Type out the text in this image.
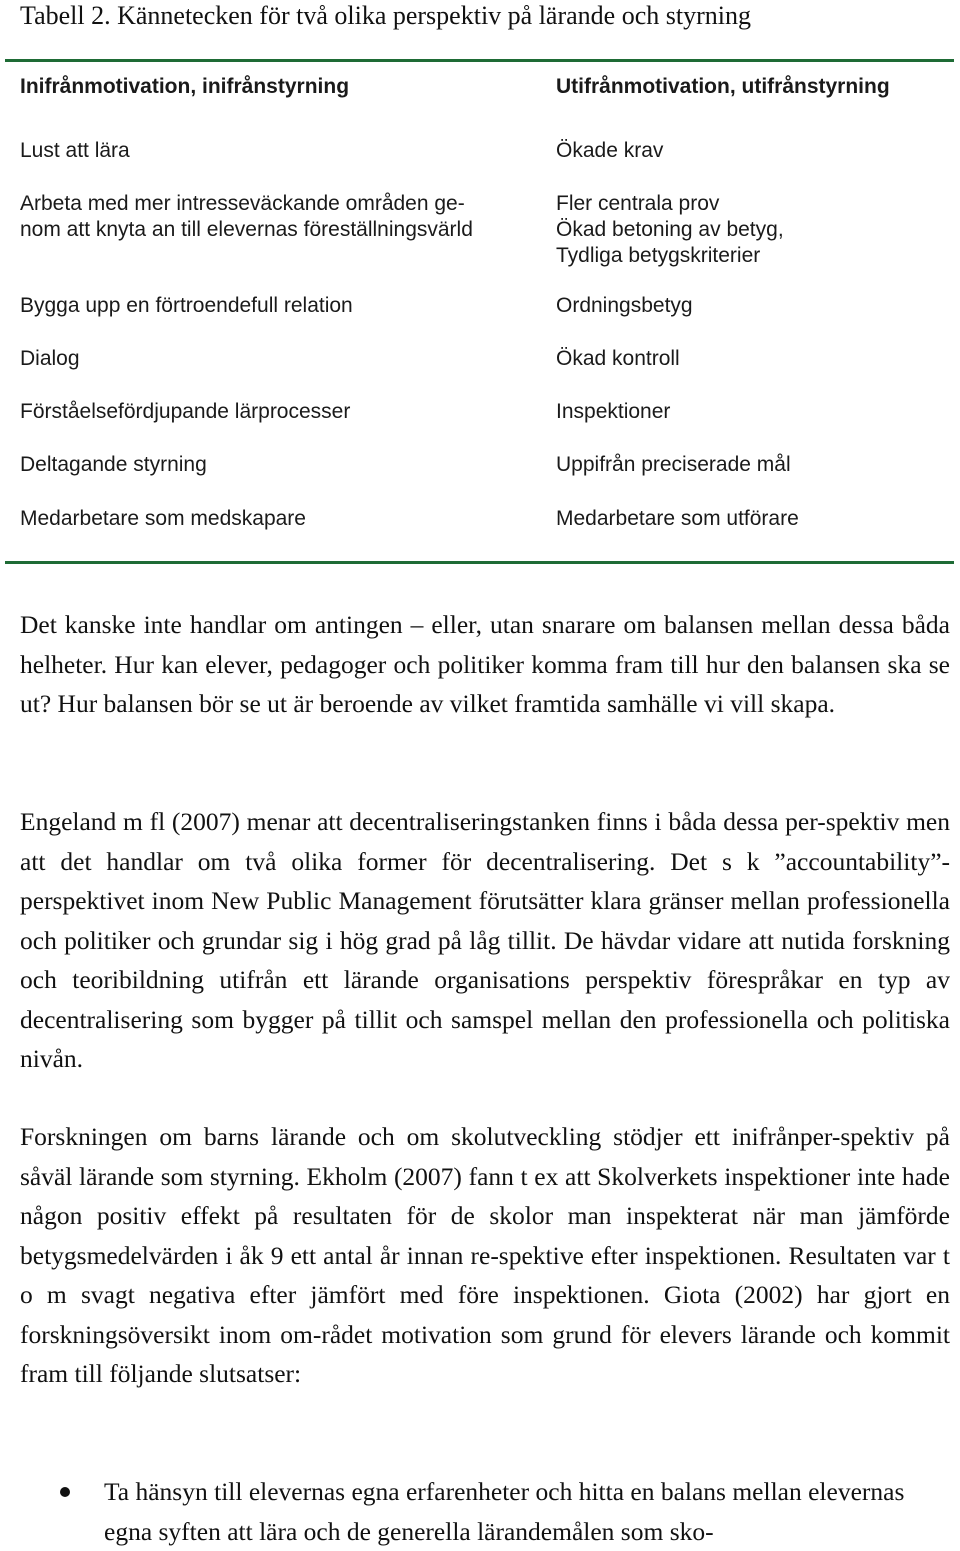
Tabell 2. Kännetecken för två olika perspektiv på lärande och styrning
Inifrånmotivation, inifrånstyrning
Lust att lära
Arbeta med mer intresseväckande områden ge-
nom att knyta an till elevernas föreställningsvärld
Bygga upp en förtroendefull relation
Dialog
Förståelsefördjupande lärprocesser
Deltagande styrning
Medarbetare som medskapare
Utifrånmotivation, utifrånstyrning
Ökade krav
Fler centrala prov
Ökad betoning av betyg,
Tydliga betygskriterier
Ordningsbetyg
Ökad kontroll
Inspektioner
Uppifrån preciserade mål
Medarbetare som utförare

Det kanske inte handlar om antingen – eller, utan snarare om balansen mellan dessa båda helheter. Hur kan elever, pedagoger och politiker komma fram till hur den balansen ska se ut? Hur balansen bör se ut är beroende av vilket framtida samhälle vi vill skapa.

Engeland m fl (2007) menar att decentraliseringstanken finns i båda dessa per-spektiv men att det handlar om två olika former för decentralisering. Det s k ”accountability”-perspektivet inom New Public Management förutsätter klara gränser mellan professionella och politiker och grundar sig i hög grad på låg tillit. De hävdar vidare att nutida forskning och teoribildning utifrån ett lärande organisations perspektiv förespråkar en typ av decentralisering som bygger på tillit och samspel mellan den professionella och politiska nivån.

Forskningen om barns lärande och om skolutveckling stödjer ett inifrånper-spektiv på såväl lärande som styrning. Ekholm (2007) fann t ex att Skolverkets inspektioner inte hade någon positiv effekt på resultaten för de skolor man inspekterat när man jämförde betygsmedelvärden i åk 9 ett antal år innan re-spektive efter inspektionen. Resultaten var t o m svagt negativa efter jämfört med före inspektionen. Giota (2002) har gjort en forskningsöversikt inom om-rådet motivation som grund för elevers lärande och kommit fram till följande slutsatser:

Ta hänsyn till elevernas egna erfarenheter och hitta en balans mellan elevernas egna syften att lära och de generella lärandemålen som sko-
